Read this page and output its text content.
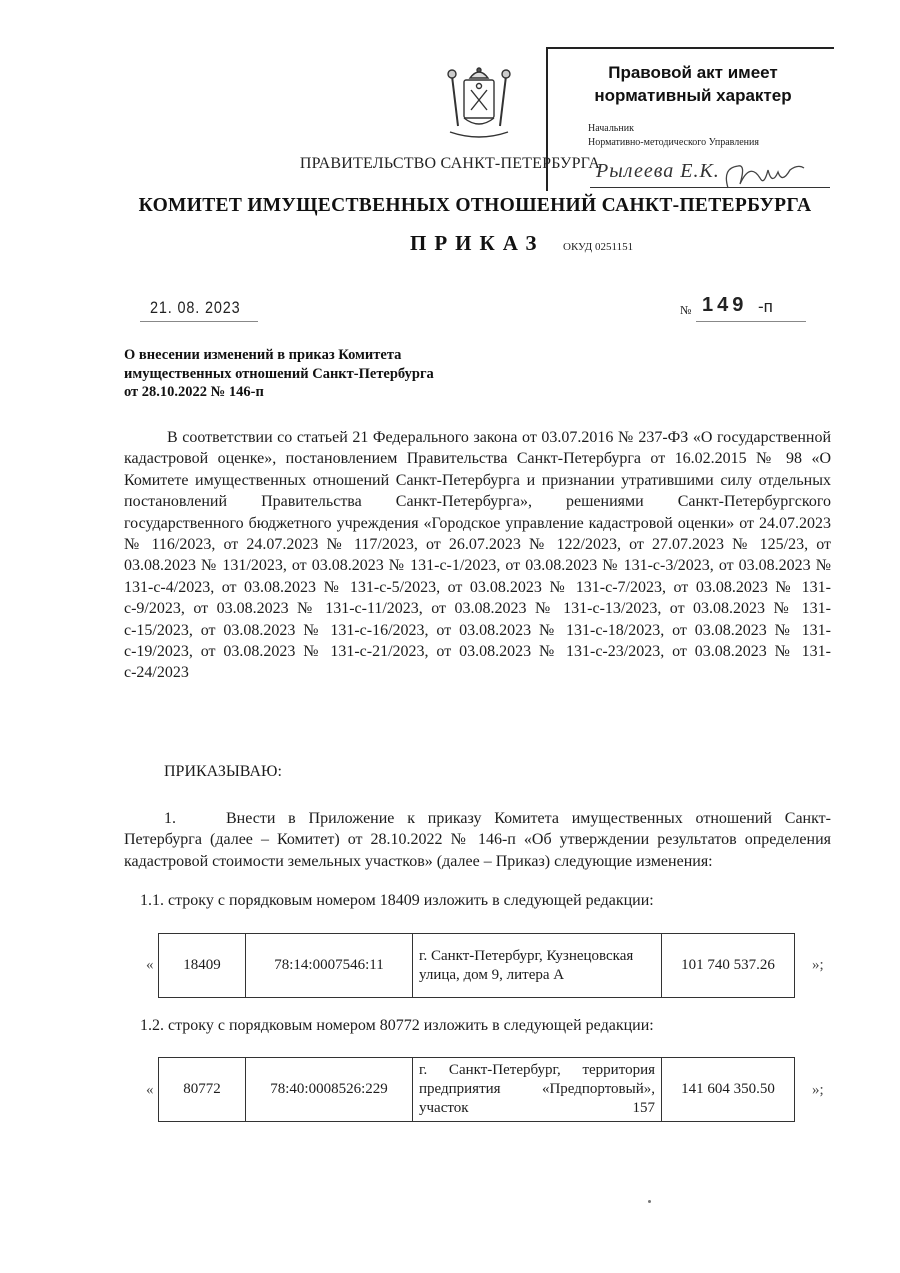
Правовой акт имеет
нормативный характер
Начальник
Нормативно-методического Управления
Рылеева Е.К.
ПРАВИТЕЛЬСТВО САНКТ-ПЕТЕРБУРГА
КОМИТЕТ ИМУЩЕСТВЕННЫХ ОТНОШЕНИЙ САНКТ-ПЕТЕРБУРГА
ПРИКАЗ ОКУД 0251151
21. 08. 2023	№ 149 -п
О внесении изменений в приказ Комитета
имущественных отношений Санкт-Петербурга
от 28.10.2022 № 146-п
В соответствии со статьей 21 Федерального закона от 03.07.2016 № 237-ФЗ «О государственной кадастровой оценке», постановлением Правительства Санкт-Петербурга от 16.02.2015 № 98 «О Комитете имущественных отношений Санкт-Петербурга и признании утратившими силу отдельных постановлений Правительства Санкт-Петербурга», решениями Санкт-Петербургского государственного бюджетного учреждения «Городское управление кадастровой оценки» от 24.07.2023 № 116/2023, от 24.07.2023 № 117/2023, от 26.07.2023 № 122/2023, от 27.07.2023 № 125/23, от 03.08.2023 № 131/2023, от 03.08.2023 № 131-с-1/2023, от 03.08.2023 № 131-с-3/2023, от 03.08.2023 № 131-с-4/2023, от 03.08.2023 № 131-с-5/2023, от 03.08.2023 № 131-с-7/2023, от 03.08.2023 № 131-с-9/2023, от 03.08.2023 № 131-с-11/2023, от 03.08.2023 № 131-с-13/2023, от 03.08.2023 № 131-с-15/2023, от 03.08.2023 № 131-с-16/2023, от 03.08.2023 № 131-с-18/2023, от 03.08.2023 № 131-с-19/2023, от 03.08.2023 № 131-с-21/2023, от 03.08.2023 № 131-с-23/2023, от 03.08.2023 № 131-с-24/2023
ПРИКАЗЫВАЮ:
1.	Внести в Приложение к приказу Комитета имущественных отношений Санкт-Петербурга (далее – Комитет) от 28.10.2022 № 146-п «Об утверждении результатов определения кадастровой стоимости земельных участков» (далее – Приказ) следующие изменения:
1.1. строку с порядковым номером 18409 изложить в следующей редакции:
« 18409	78:14:0007546:11	г. Санкт-Петербург, Кузнецовская улица, дом 9, литера А	101 740 537.26 »;
1.2. строку с порядковым номером 80772 изложить в следующей редакции:
« 80772	78:40:0008526:229	г. Санкт-Петербург, территория предприятия «Предпортовый», участок 157	141 604 350.50 »;
